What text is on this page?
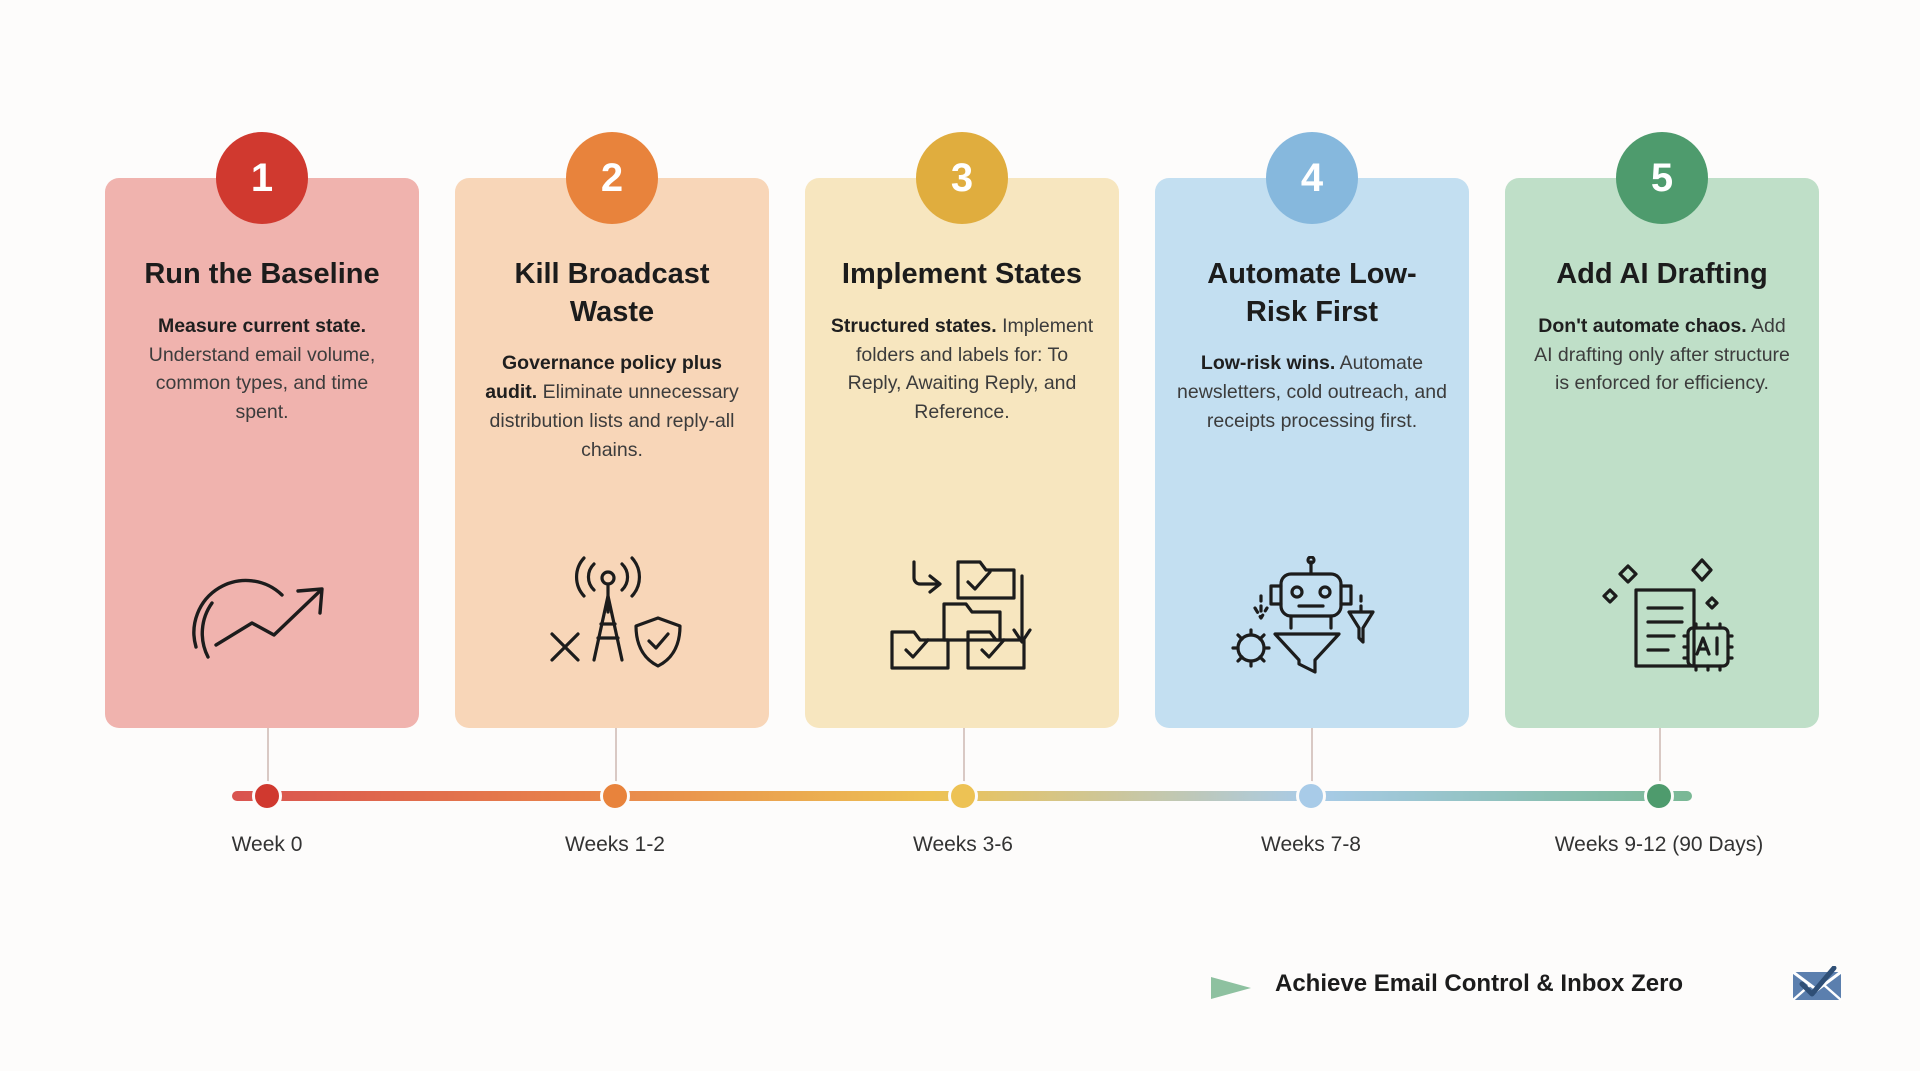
1
Run the Baseline
Measure current state. Understand email volume, common types, and time spent.
2
Kill Broadcast Waste
Governance policy plus audit. Eliminate unnecessary distribution lists and reply-all chains.
3
Implement States
Structured states. Implement folders and labels for: To Reply, Awaiting Reply, and Reference.
4
Automate Low-Risk First
Low-risk wins. Automate newsletters, cold outreach, and receipts processing first.
5
Add AI Drafting
Don't automate chaos. Add AI drafting only after structure is enforced for efficiency.
Week 0	Weeks 1-2	Weeks 3-6	Weeks 7-8	Weeks 9-12 (90 Days)
Achieve Email Control & Inbox Zero
